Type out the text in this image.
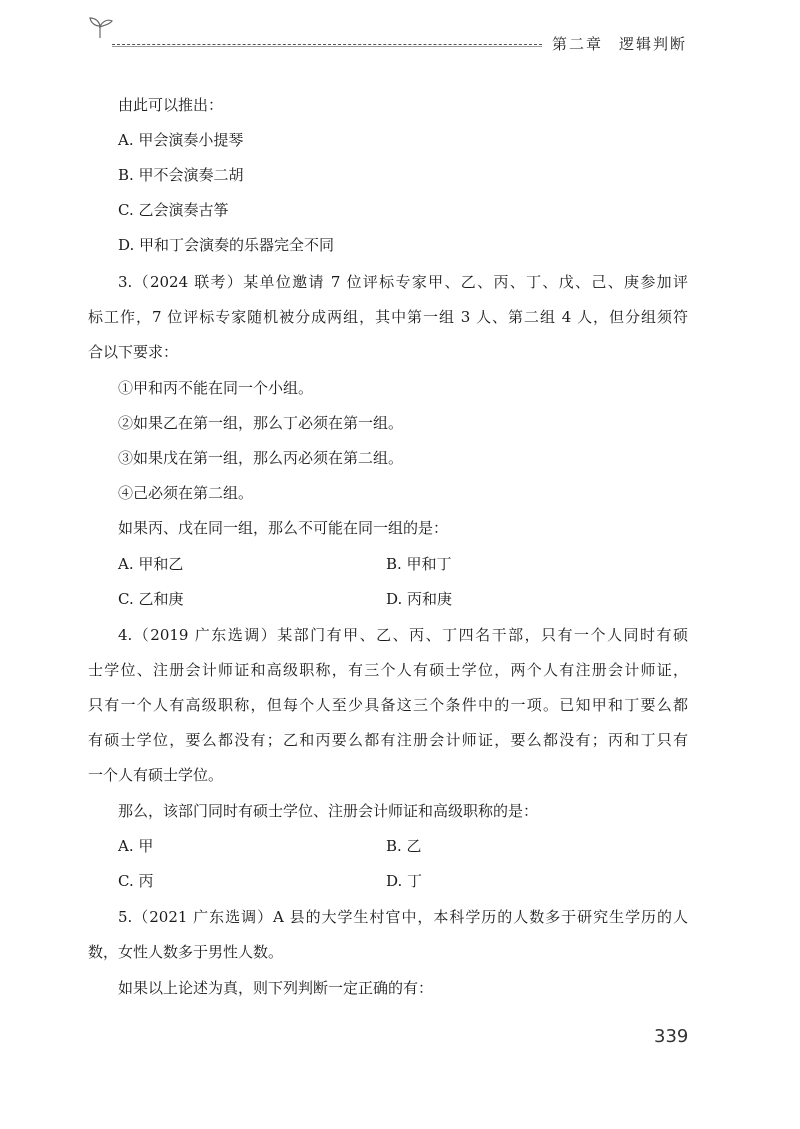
第二章 逻辑判断
由此可以推出：
A. 甲会演奏小提琴
B. 甲不会演奏二胡
C. 乙会演奏古筝
D. 甲和丁会演奏的乐器完全不同
3.（2024 联考）某单位邀请 7 位评标专家甲、乙、丙、丁、戊、己、庚参加评
标工作，7 位评标专家随机被分成两组，其中第一组 3 人、第二组 4 人，但分组须符
合以下要求：
①甲和丙不能在同一个小组。
②如果乙在第一组，那么丁必须在第一组。
③如果戊在第一组，那么丙必须在第二组。
④己必须在第二组。
如果丙、戊在同一组，那么不可能在同一组的是：
A. 甲和乙	B. 甲和丁
C. 乙和庚	D. 丙和庚
4.（2019 广东选调）某部门有甲、乙、丙、丁四名干部，只有一个人同时有硕
士学位、注册会计师证和高级职称，有三个人有硕士学位，两个人有注册会计师证，
只有一个人有高级职称，但每个人至少具备这三个条件中的一项。已知甲和丁要么都
有硕士学位，要么都没有；乙和丙要么都有注册会计师证，要么都没有；丙和丁只有
一个人有硕士学位。
那么，该部门同时有硕士学位、注册会计师证和高级职称的是：
A. 甲	B. 乙
C. 丙	D. 丁
5.（2021 广东选调）A 县的大学生村官中，本科学历的人数多于研究生学历的人
数，女性人数多于男性人数。
如果以上论述为真，则下列判断一定正确的有：
339
